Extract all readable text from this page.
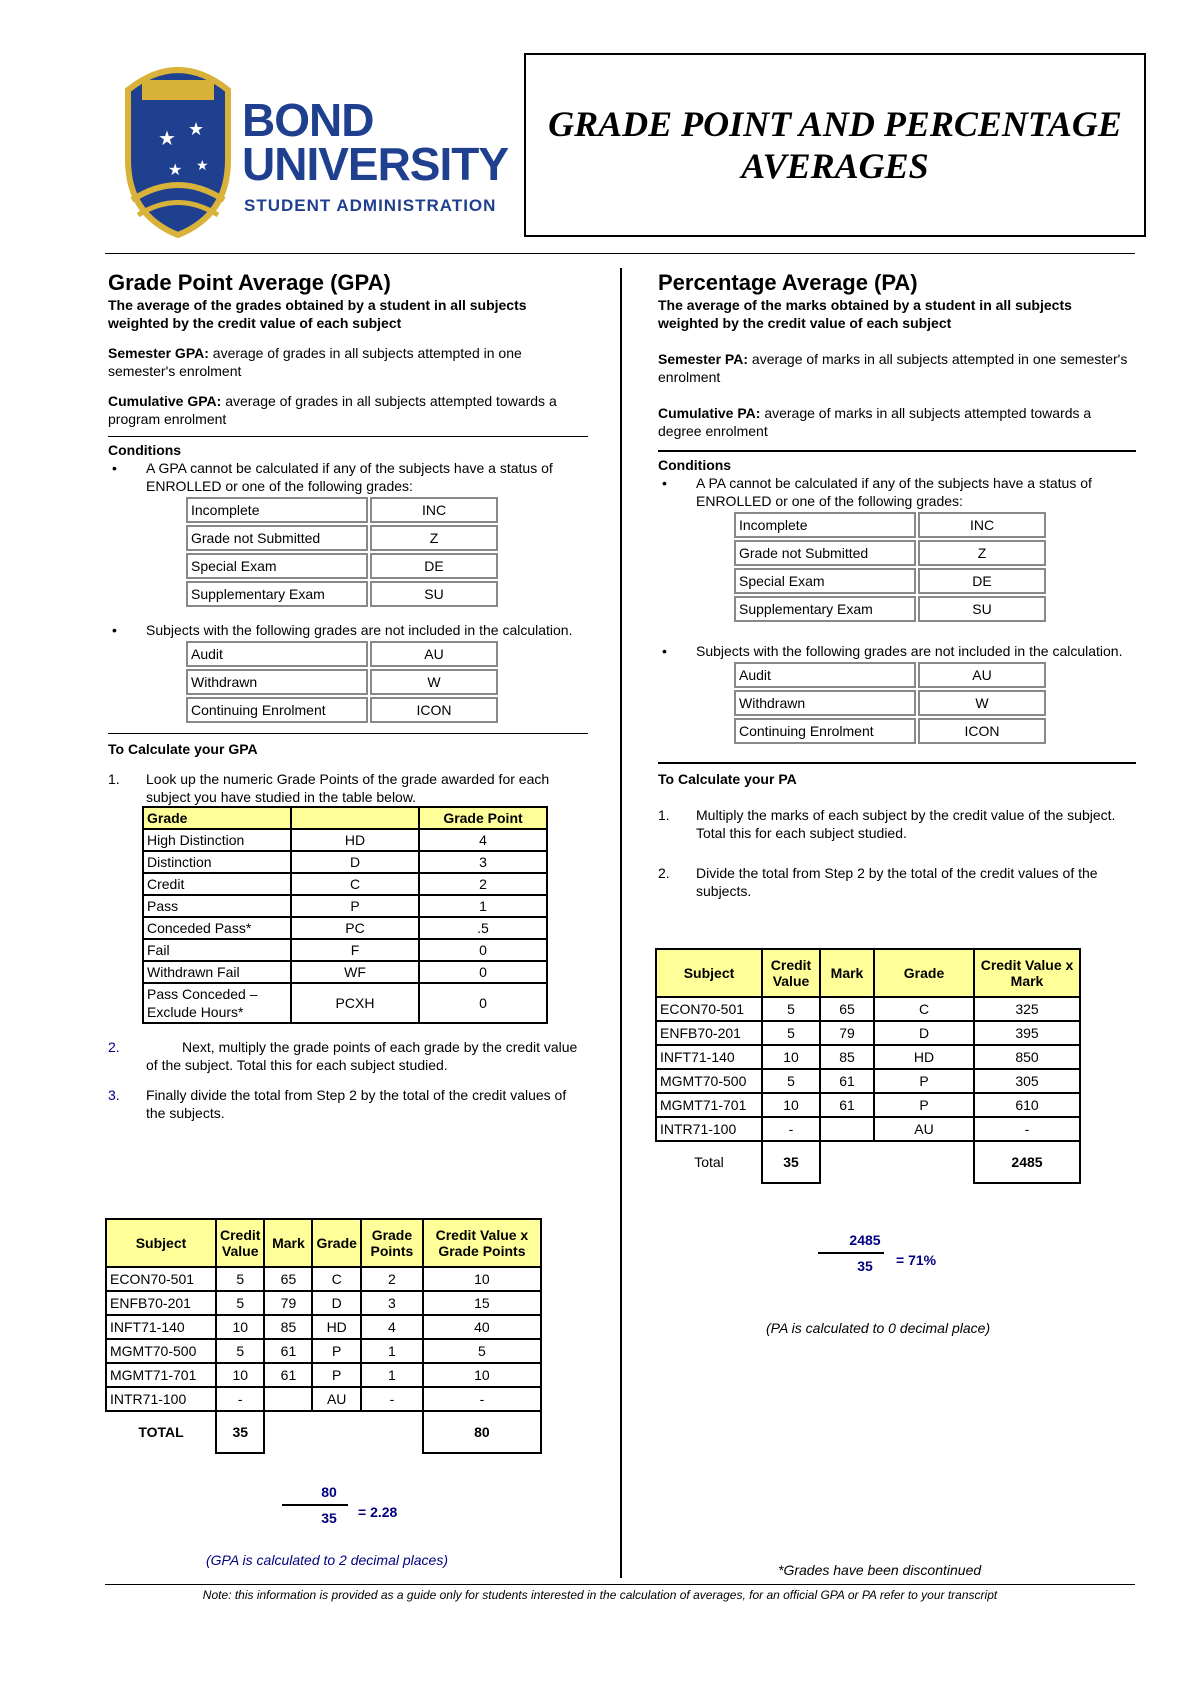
★ ★
★ ★
BOND
UNIVERSITY
STUDENT ADMINISTRATION
GRADE POINT AND PERCENTAGE
AVERAGES
Grade Point Average (GPA)

The average of the grades obtained by a student in all subjects weighted by the credit value of each subject

Semester GPA: average of grades in all subjects attempted in one semester's enrolment

Cumulative GPA: average of grades in all subjects attempted towards a program enrolment

Conditions

• A GPA cannot be calculated if any of the subjects have a status of ENROLLED or one of the following grades:
Incomplete	INC
Grade not Submitted	Z
Special Exam	DE
Supplementary Exam	SU
• Subjects with the following grades are not included in the calculation.
Audit	AU
Withdrawn	W
Continuing Enrolment	ICON

To Calculate your GPA

1. Look up the numeric Grade Points of the grade awarded for each subject you have studied in the table below.
Grade		Grade Point
High Distinction	HD	4
Distinction	D	3
Credit	C	2
Pass	P	1
Conceded Pass*	PC	.5
Fail	F	0
Withdrawn Fail	WF	0
Pass Conceded – Exclude Hours*	PCXH	0
2.	Next, multiply the grade points of each grade by the credit value of the subject. Total this for each subject studied.
3. Finally divide the total from Step 2 by the total of the credit values of the subjects.
Subject	Credit Value	Mark	Grade	Grade Points	Credit Value x Grade Points
ECON70-501	5	65	C	2	10
ENFB70-201	5	79	D	3	15
INFT71-140	10	85	HD	4	40
MGMT70-500	5	61	P	1	5
MGMT71-701	10	61	P	1	10
INTR71-100	-		AU	-	-
TOTAL	35				80
80
35	= 2.28
(GPA is calculated to 2 decimal places)
Percentage Average (PA)

The average of the marks obtained by a student in all subjects weighted by the credit value of each subject

Semester PA: average of marks in all subjects attempted in one semester's enrolment

Cumulative PA: average of marks in all subjects attempted towards a degree enrolment

Conditions

• A PA cannot be calculated if any of the subjects have a status of ENROLLED or one of the following grades:
Incomplete	INC
Grade not Submitted	Z
Special Exam	DE
Supplementary Exam	SU
• Subjects with the following grades are not included in the calculation.
Audit	AU
Withdrawn	W
Continuing Enrolment	ICON

To Calculate your PA

1. Multiply the marks of each subject by the credit value of the subject. Total this for each subject studied.
2. Divide the total from Step 2 by the total of the credit values of the subjects.
Subject	Credit Value	Mark	Grade	Credit Value x Mark
ECON70-501	5	65	C	325
ENFB70-201	5	79	D	395
INFT71-140	10	85	HD	850
MGMT70-500	5	61	P	305
MGMT71-701	10	61	P	610
INTR71-100	-		AU	-
Total	35			2485
2485
35	= 71%
(PA is calculated to 0 decimal place)
*Grades have been discontinued
Note: this information is provided as a guide only for students interested in the calculation of averages, for an official GPA or PA refer to your transcript
